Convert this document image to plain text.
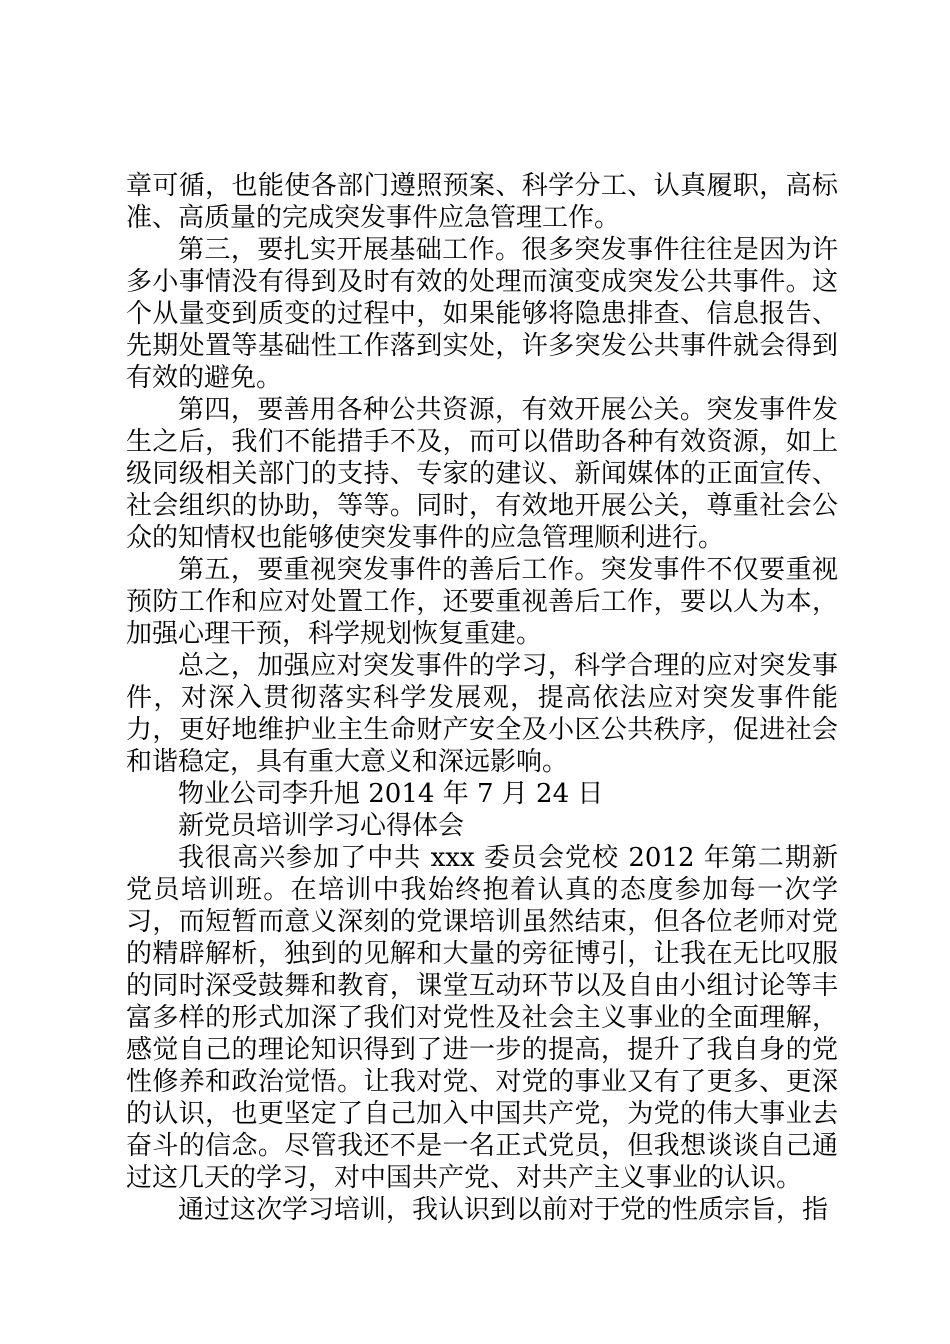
章可循，也能使各部门遵照预案、科学分工、认真履职，高标准、高质量的完成突发事件应急管理工作。

第三，要扎实开展基础工作。很多突发事件往往是因为许多小事情没有得到及时有效的处理而演变成突发公共事件。这个从量变到质变的过程中，如果能够将隐患排查、信息报告、先期处置等基础性工作落到实处，许多突发公共事件就会得到有效的避免。

第四，要善用各种公共资源，有效开展公关。突发事件发生之后，我们不能措手不及，而可以借助各种有效资源，如上级同级相关部门的支持、专家的建议、新闻媒体的正面宣传、社会组织的协助，等等。同时，有效地开展公关，尊重社会公众的知情权也能够使突发事件的应急管理顺利进行。

第五，要重视突发事件的善后工作。突发事件不仅要重视预防工作和应对处置工作，还要重视善后工作，要以人为本，加强心理干预，科学规划恢复重建。

总之，加强应对突发事件的学习，科学合理的应对突发事件，对深入贯彻落实科学发展观，提高依法应对突发事件能力，更好地维护业主生命财产安全及小区公共秩序，促进社会和谐稳定，具有重大意义和深远影响。

物业公司李升旭 2014 年 7 月 24 日

新党员培训学习心得体会

我很高兴参加了中共 xxx 委员会党校 2012 年第二期新党员培训班。在培训中我始终抱着认真的态度参加每一次学习，而短暂而意义深刻的党课培训虽然结束，但各位老师对党的精辟解析，独到的见解和大量的旁征博引，让我在无比叹服的同时深受鼓舞和教育，课堂互动环节以及自由小组讨论等丰富多样的形式加深了我们对党性及社会主义事业的全面理解，感觉自己的理论知识得到了进一步的提高，提升了我自身的党性修养和政治觉悟。让我对党、对党的事业又有了更多、更深的认识，也更坚定了自己加入中国共产党，为党的伟大事业去奋斗的信念。尽管我还不是一名正式党员，但我想谈谈自己通过这几天的学习，对中国共产党、对共产主义事业的认识。

通过这次学习培训，我认识到以前对于党的性质宗旨，指
